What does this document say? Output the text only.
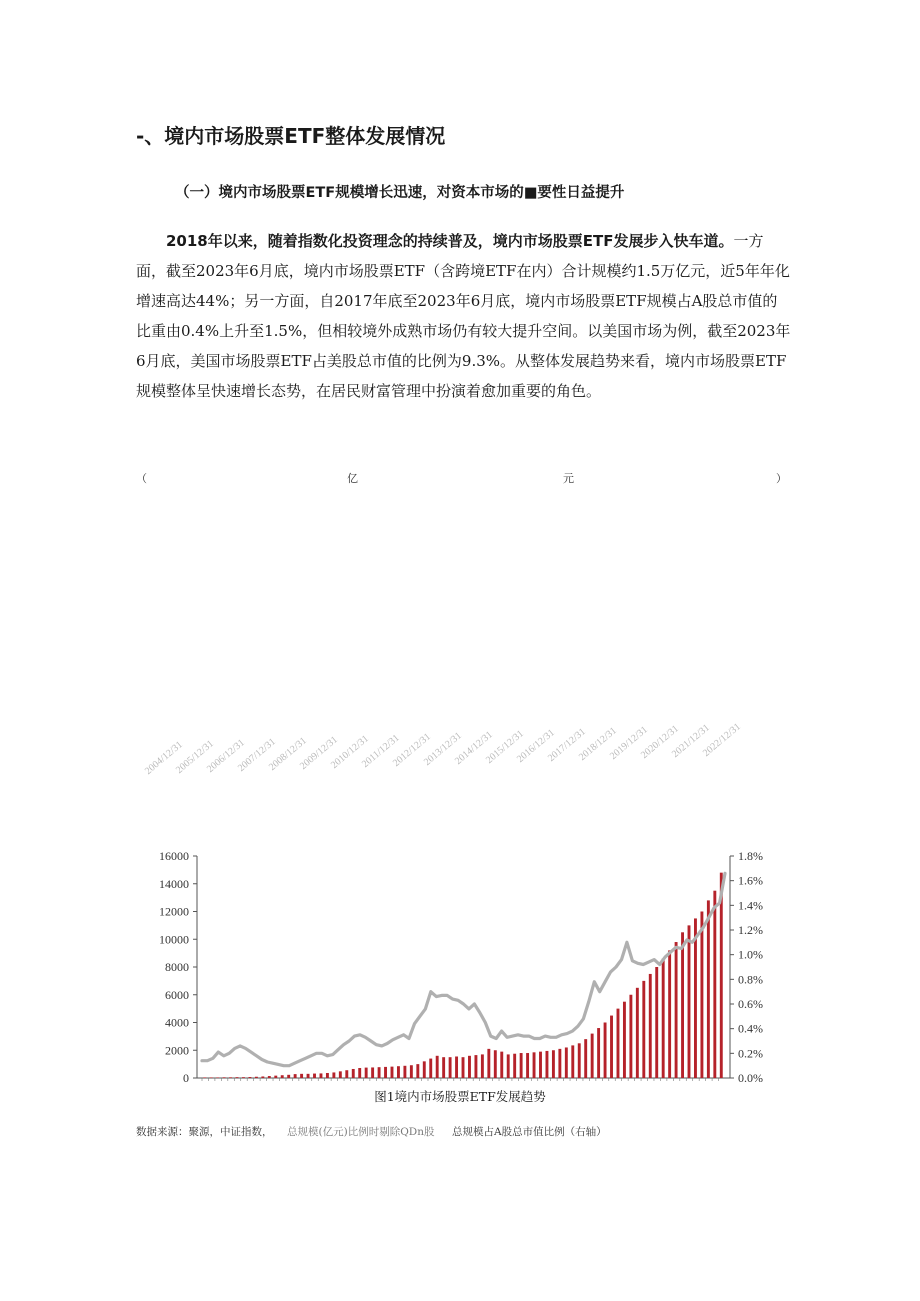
-、境内市场股票ETF整体发展情况
（一）境内市场股票ETF规模增长迅速，对资本市场的■要性日益提升
2018年以来，随着指数化投资理念的持续普及，境内市场股票ETF发展步入快车道。一方面，截至2023年6月底，境内市场股票ETF（含跨境ETF在内）合计规模约1.5万亿元，近5年年化增速高达44%；另一方面，自2017年底至2023年6月底，境内市场股票ETF规模占A股总市值的比重由0.4%上升至1.5%，但相较境外成熟市场仍有较大提升空间。以美国市场为例，截至2023年6月底，美国市场股票ETF占美股总市值的比例为9.3%。从整体发展趋势来看，境内市场股票ETF规模整体呈快速增长态势，在居民财富管理中扮演着愈加重要的角色。
（	亿	元	）
2004/12/31
2005/12/31
2006/12/31
2007/12/31
2008/12/31
2009/12/31
2010/12/31
2011/12/31
2012/12/31
2013/12/31
2014/12/31
2015/12/31
2016/12/31
2017/12/31
2018/12/31
2019/12/31
2020/12/31
2021/12/31
2022/12/31
0
2000
4000
6000
8000
10000
12000
14000
16000
0.0%
0.2%
0.4%
0.6%
0.8%
1.0%
1.2%
1.4%
1.6%
1.8%
图1境内市场股票ETF发展趋势
数据来源：聚源，中证指数， 总规模(亿元)比例时剔除QDn股 总规模占A股总市值比例（右轴）
